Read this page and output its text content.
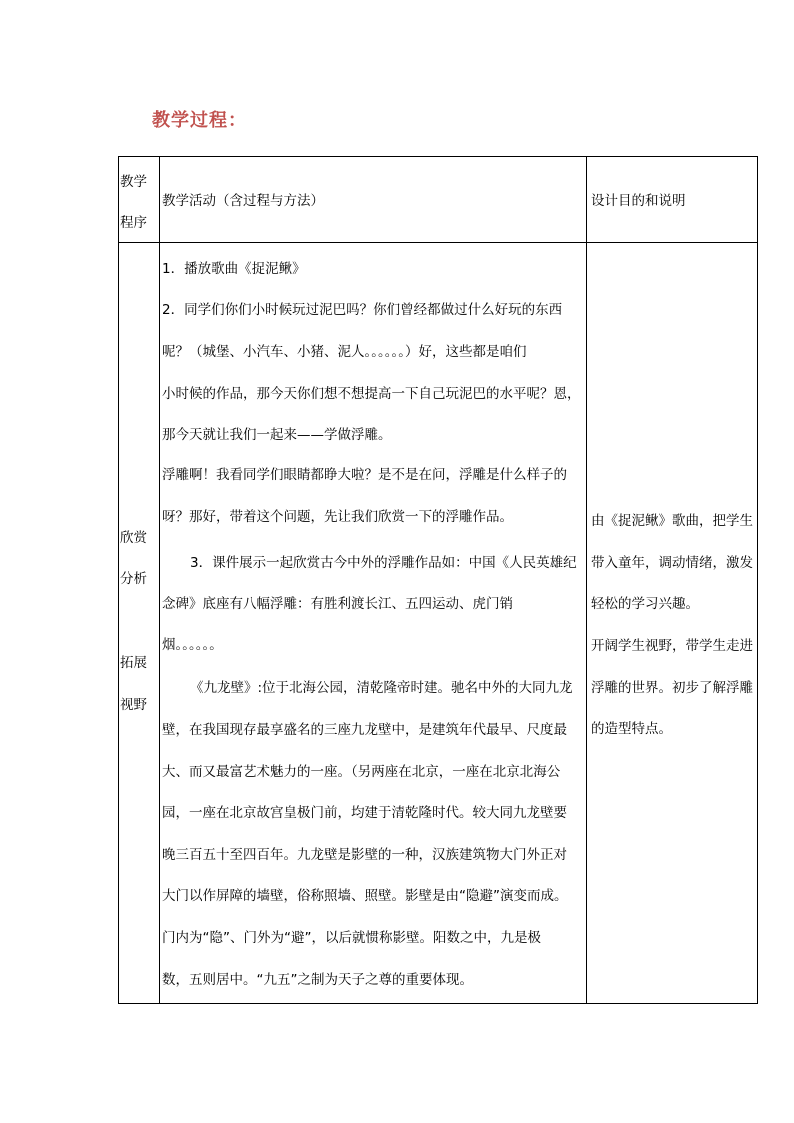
教学过程：
教学
程序
教学活动（含过程与方法）	设计目的和说明
欣赏
分析
拓展
视野
1．播放歌曲《捉泥鳅》
2．同学们你们小时候玩过泥巴吗？你们曾经都做过什么好玩的东西
呢？（城堡、小汽车、小猪、泥人。。。。。。）好，这些都是咱们
小时候的作品，那今天你们想不想提高一下自己玩泥巴的水平呢？恩，
那今天就让我们一起来——学做浮雕。
浮雕啊！我看同学们眼睛都睁大啦？是不是在问，浮雕是什么样子的
呀？那好，带着这个问题，先让我们欣赏一下的浮雕作品。
3．课件展示一起欣赏古今中外的浮雕作品如：中国《人民英雄纪
念碑》底座有八幅浮雕：有胜利渡长江、五四运动、虎门销
烟。。。。。。
《九龙壁》:位于北海公园，清乾隆帝时建。驰名中外的大同九龙
壁，在我国现存最享盛名的三座九龙壁中，是建筑年代最早、尺度最
大、而又最富艺术魅力的一座。（另两座在北京，一座在北京北海公
园，一座在北京故宫皇极门前，均建于清乾隆时代。较大同九龙壁要
晚三百五十至四百年。九龙壁是影壁的一种，汉族建筑物大门外正对
大门以作屏障的墙壁，俗称照墙、照壁。影壁是由“隐避”演变而成。
门内为“隐”、门外为“避”，以后就惯称影壁。阳数之中，九是极
数，五则居中。“九五”之制为天子之尊的重要体现。
由《捉泥鳅》歌曲，把学生
带入童年，调动情绪，激发
轻松的学习兴趣。
开阔学生视野，带学生走进
浮雕的世界。初步了解浮雕
的造型特点。
